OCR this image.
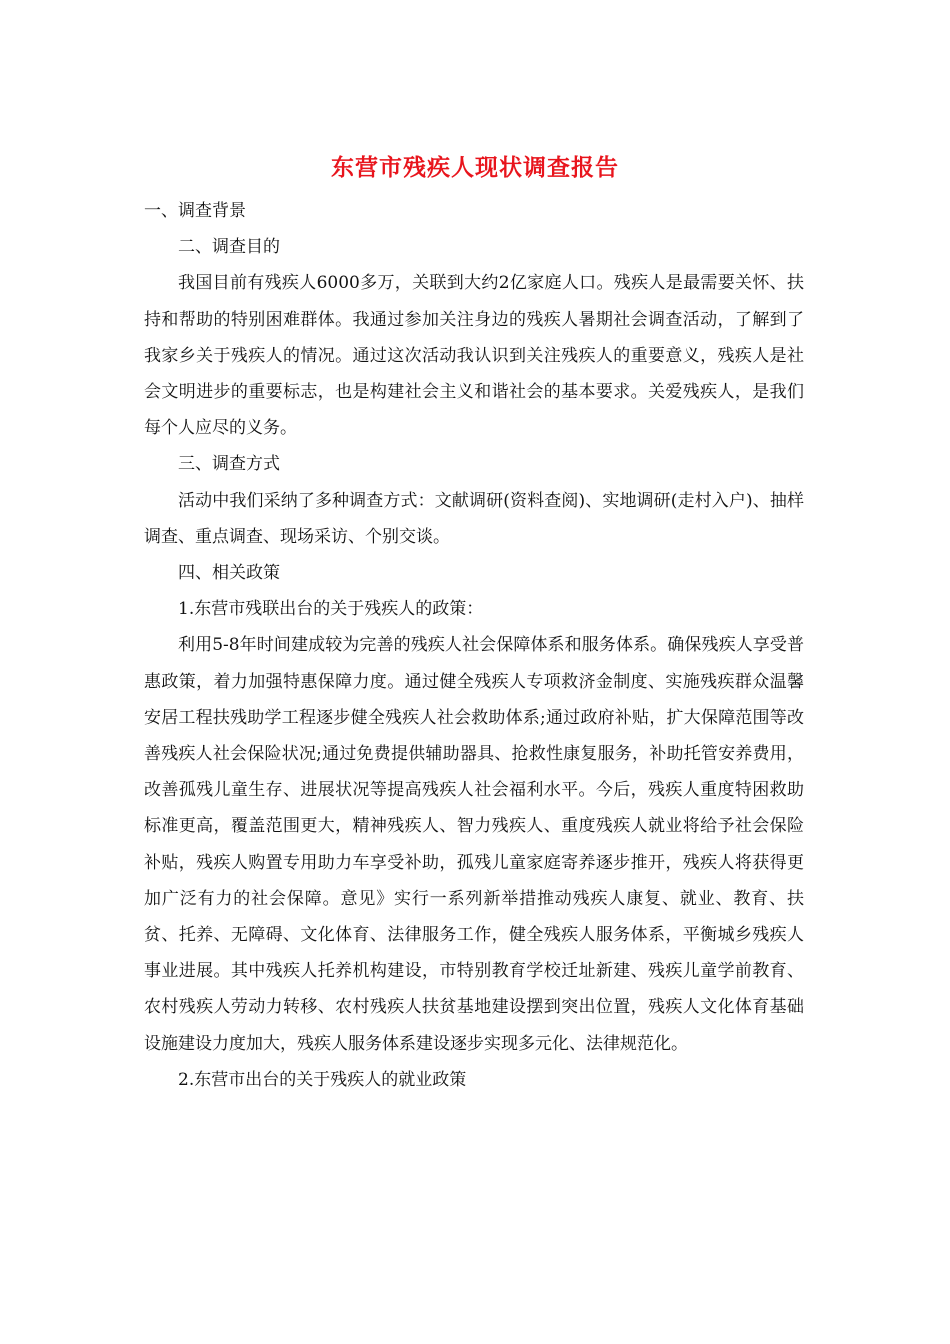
东营市残疾人现状调查报告

一、调查背景

二、调查目的

我国目前有残疾人6000多万，关联到大约2亿家庭人口。残疾人是最需要关怀、扶持和帮助的特别困难群体。我通过参加关注身边的残疾人暑期社会调查活动，了解到了我家乡关于残疾人的情况。通过这次活动我认识到关注残疾人的重要意义，残疾人是社会文明进步的重要标志，也是构建社会主义和谐社会的基本要求。关爱残疾人，是我们每个人应尽的义务。

三、调查方式

活动中我们采纳了多种调查方式：文献调研(资料查阅)、实地调研(走村入户)、抽样调查、重点调查、现场采访、个别交谈。

四、相关政策

1.东营市残联出台的关于残疾人的政策：

利用5-8年时间建成较为完善的残疾人社会保障体系和服务体系。确保残疾人享受普惠政策，着力加强特惠保障力度。通过健全残疾人专项救济金制度、实施残疾群众温馨安居工程扶残助学工程逐步健全残疾人社会救助体系;通过政府补贴，扩大保障范围等改善残疾人社会保险状况;通过免费提供辅助器具、抢救性康复服务，补助托管安养费用，改善孤残儿童生存、进展状况等提高残疾人社会福利水平。今后，残疾人重度特困救助标准更高，覆盖范围更大，精神残疾人、智力残疾人、重度残疾人就业将给予社会保险补贴，残疾人购置专用助力车享受补助，孤残儿童家庭寄养逐步推开，残疾人将获得更加广泛有力的社会保障。意见》实行一系列新举措推动残疾人康复、就业、教育、扶贫、托养、无障碍、文化体育、法律服务工作，健全残疾人服务体系，平衡城乡残疾人事业进展。其中残疾人托养机构建设，市特别教育学校迁址新建、残疾儿童学前教育、农村残疾人劳动力转移、农村残疾人扶贫基地建设摆到突出位置，残疾人文化体育基础设施建设力度加大，残疾人服务体系建设逐步实现多元化、法律规范化。

2.东营市出台的关于残疾人的就业政策
